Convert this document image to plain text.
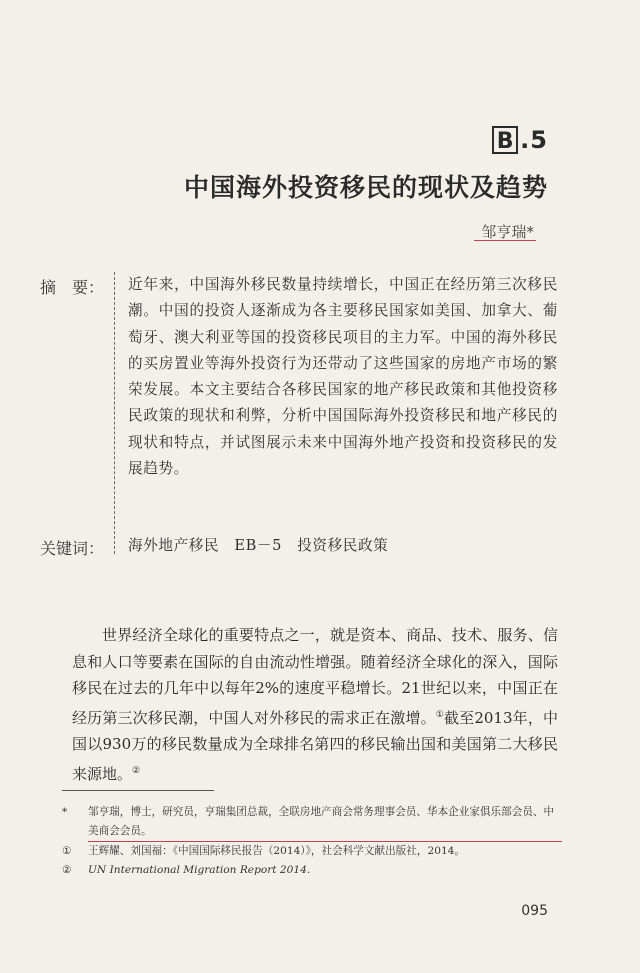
B .5
中国海外投资移民的现状及趋势
邹亨瑞*
摘　要： 近年来，中国海外移民数量持续增长，中国正在经历第三次移民潮。中国的投资人逐渐成为各主要移民国家如美国、加拿大、葡萄牙、澳大利亚等国的投资移民项目的主力军。中国的海外移民的买房置业等海外投资行为还带动了这些国家的房地产市场的繁荣发展。本文主要结合各移民国家的地产移民政策和其他投资移民政策的现状和利弊，分析中国国际海外投资移民和地产移民的现状和特点，并试图展示未来中国海外地产投资和投资移民的发展趋势。
关键词： 海外地产移民　EB－5　投资移民政策
世界经济全球化的重要特点之一，就是资本、商品、技术、服务、信息和人口等要素在国际的自由流动性增强。随着经济全球化的深入，国际移民在过去的几年中以每年2%的速度平稳增长。21世纪以来，中国正在经历第三次移民潮，中国人对外移民的需求正在激增。①截至2013年，中国以930万的移民数量成为全球排名第四的移民输出国和美国第二大移民来源地。②
*	邹亨瑞，博士，研究员，亨瑞集团总裁，全联房地产商会常务理事会员、华本企业家俱乐部会员、中美商会会员。
①	王辉耀、刘国福：《中国国际移民报告（2014）》，社会科学文献出版社，2014。
②	UN International Migration Report 2014.
095
